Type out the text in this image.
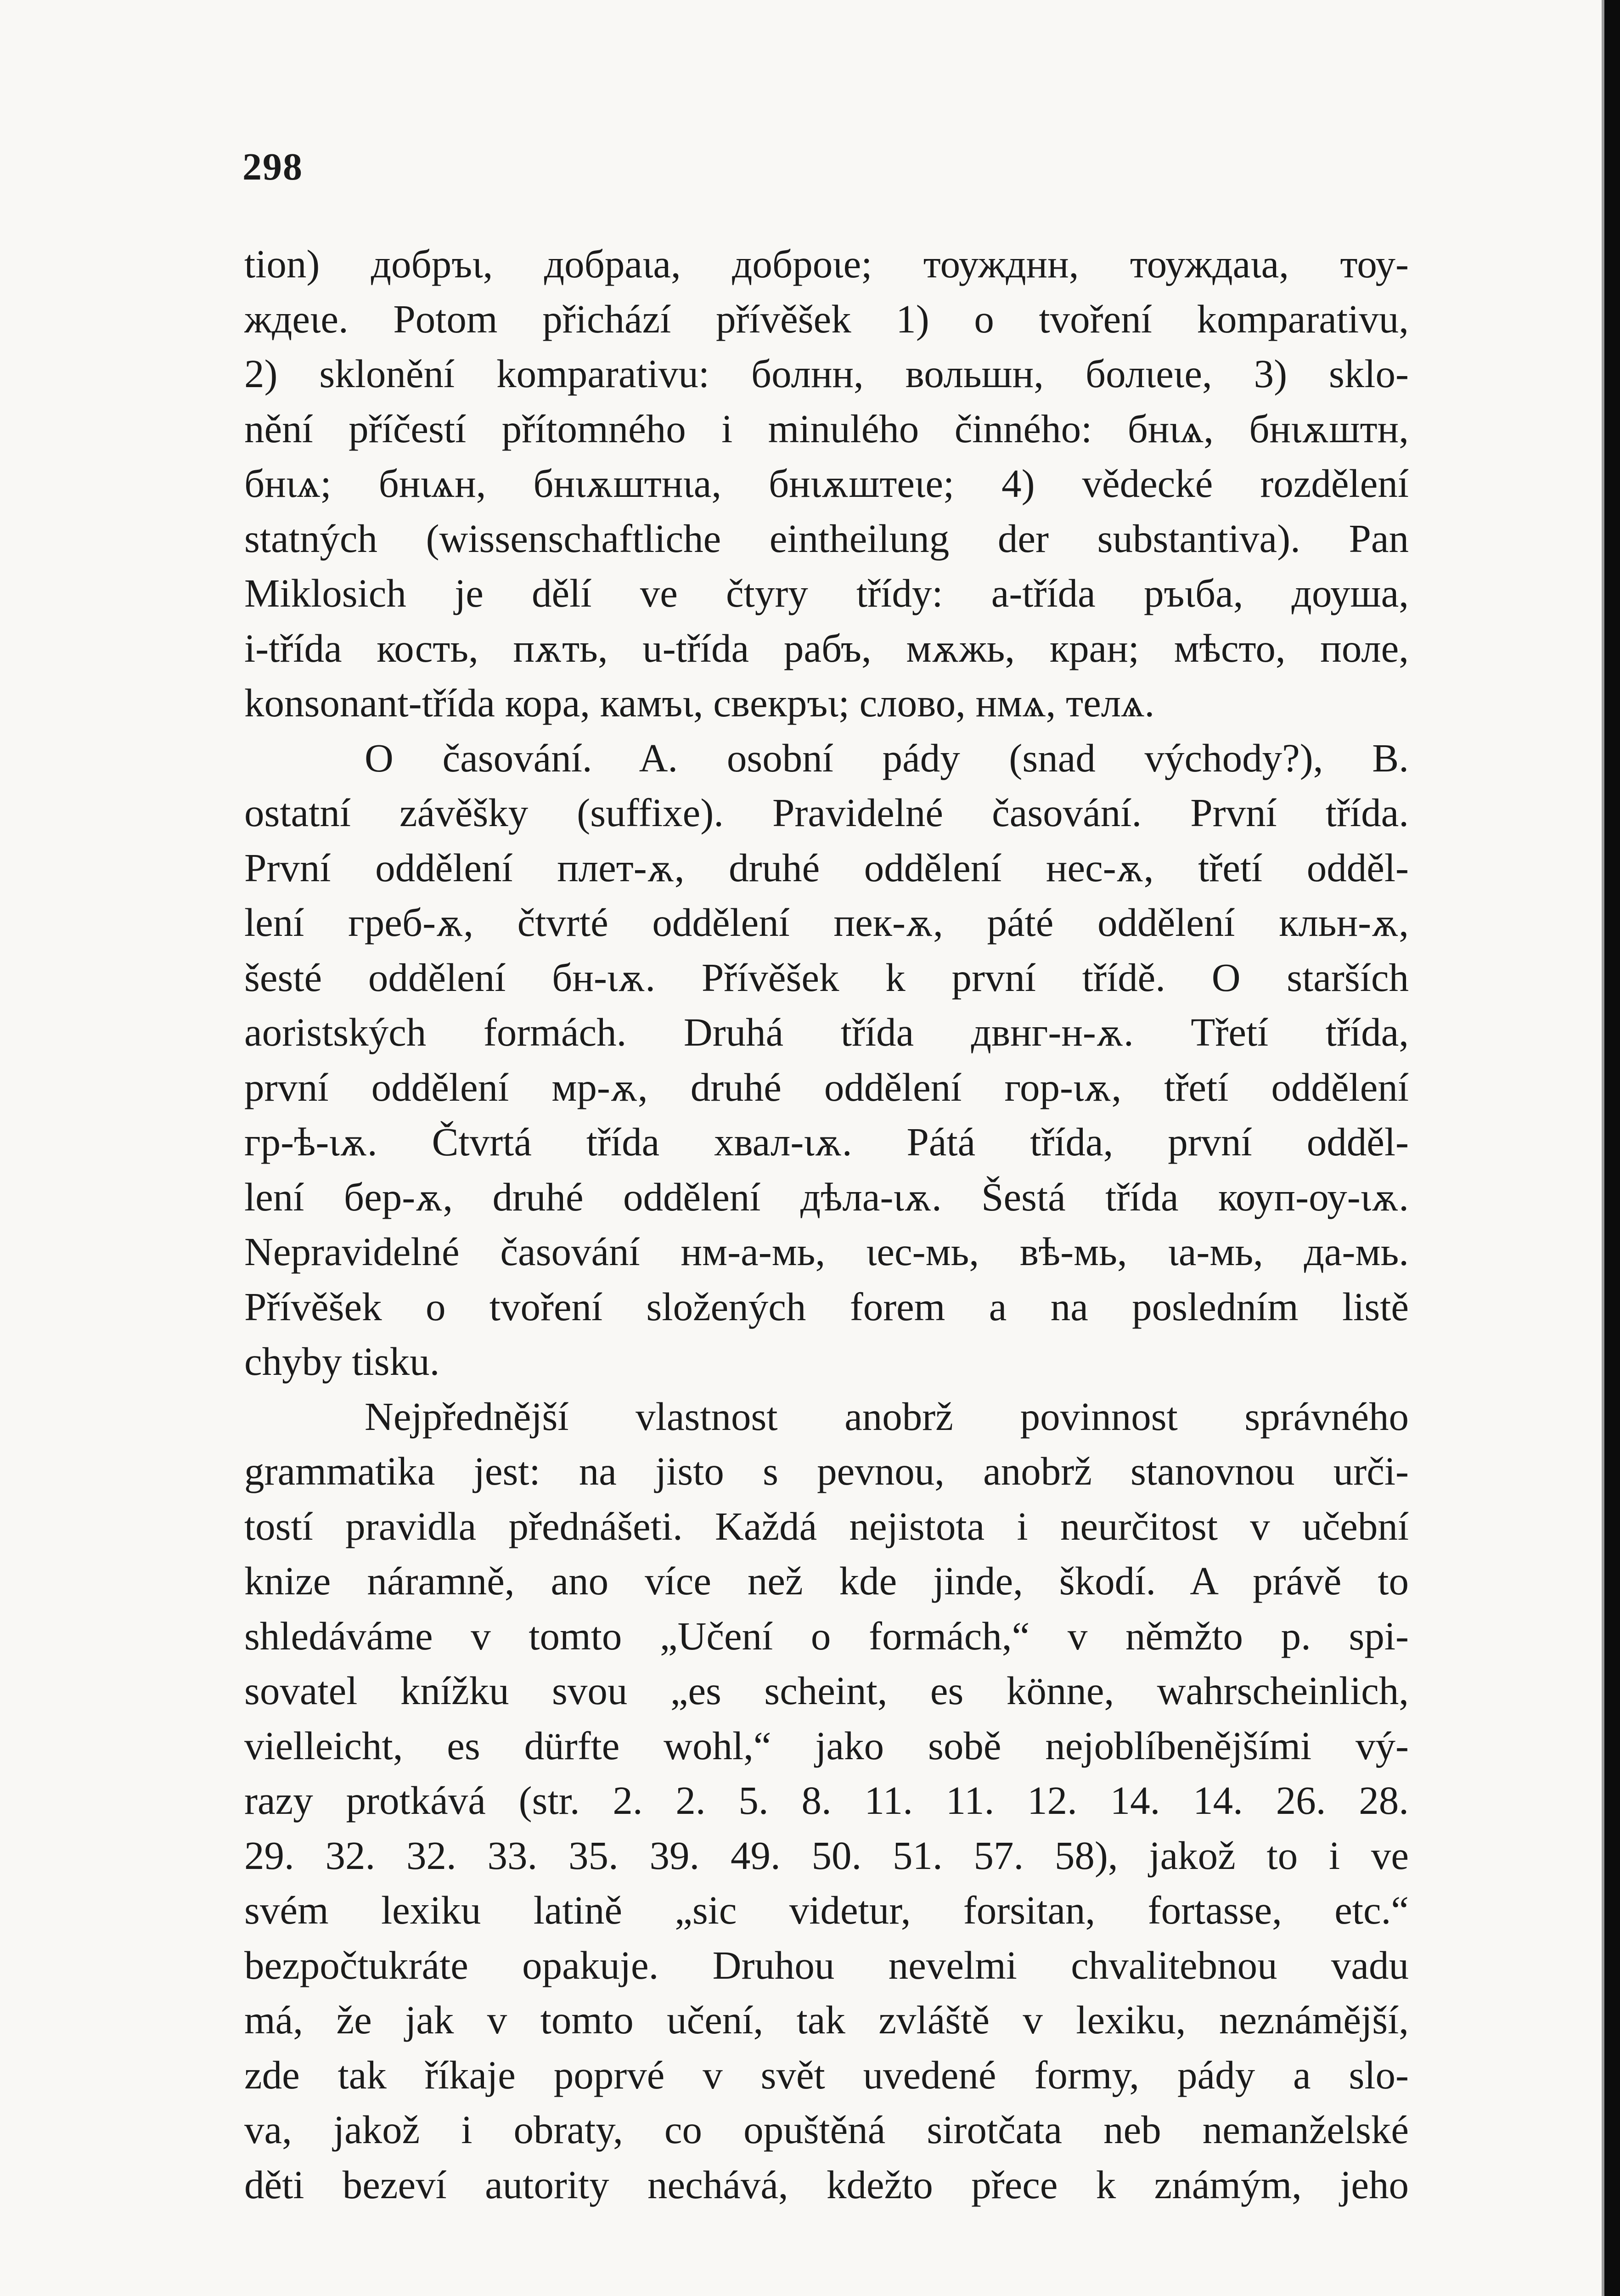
298
tion) добръι, добрaιa, доброιe; тоужднн, тоуждaιa, тоу-
ждeιe. Potom přichází přívěšek 1) o tvoření komparativu,
2) sklonění komparativu: болнн, вольшн, болιeιe, 3) sklo-
nění příčestí přítomného i minulého činného: бнιѧ, бнιѫштн,
бнιѧ; бнιѧн, бнιѫштнιa, бнιѫштeιe; 4) vědecké rozdělení
statných (wissenschaftliche eintheilung der substantiva). Pan
Miklosich je dělí ve čtyry třídy: a-třída ръιбa, доушa,
i-třída кость, пѫть, u-třída рабъ, мѫжь, кран; мѣсто, полe,
konsonant-třída кора, камъι, свeкръι; слово, нмѧ, тeлѧ.
O časování. A. osobní pády (snad východy?), B.
ostatní závěšky (suffixe). Pravidelné časování. První třída.
První oddělení плeт-ѫ, druhé oddělení нeс-ѫ, třetí odděl-
lení грeб-ѫ, čtvrté oddělení пeк-ѫ, páté oddělení кльн-ѫ,
šesté oddělení бн-ιѫ. Přívěšek k první třídě. O starších
aoristských formách. Druhá třída двнг-н-ѫ. Třetí třída,
první oddělení мр-ѫ, druhé oddělení гор-ιѫ, třetí oddělení
гр-ѣ-ιѫ. Čtvrtá třída хвал-ιѫ. Pátá třída, první odděl-
lení бeр-ѫ, druhé oddělení дѣла-ιѫ. Šestá třída коуп-оу-ιѫ.
Nepravidelné časování нм-a-мь, ιeс-мь, вѣ-мь, ιa-мь, да-мь.
Přívěšek o tvoření složených forem a na posledním listě
chyby tisku.
Nejpřednější vlastnost anobrž povinnost správného
grammatika jest: na jisto s pevnou, anobrž stanovnou urči-
tostí pravidla přednášeti. Každá nejistota i neurčitost v učební
knize náramně, ano více než kde jinde, škodí. A právě to
shledáváme v tomto „Učení o formách,“ v němžto p. spi-
sovatel knížku svou „es scheint, es könne, wahrscheinlich,
vielleicht, es dürfte wohl,“ jako sobě nejoblíbenějšími vý-
razy protkává (str. 2. 2. 5. 8. 11. 11. 12. 14. 14. 26. 28.
29. 32. 32. 33. 35. 39. 49. 50. 51. 57. 58), jakož to i ve
svém lexiku latině „sic videtur, forsitan, fortasse, etc.“
bezpočtukráte opakuje. Druhou nevelmi chvalitebnou vadu
má, že jak v tomto učení, tak zvláště v lexiku, neznámější,
zde tak říkaje poprvé v svět uvedené formy, pády a slo-
va, jakož i obraty, co opuštěná sirotčata neb nemanželské
děti bezeví autority nechává, kdežto přece k známým, jeho
